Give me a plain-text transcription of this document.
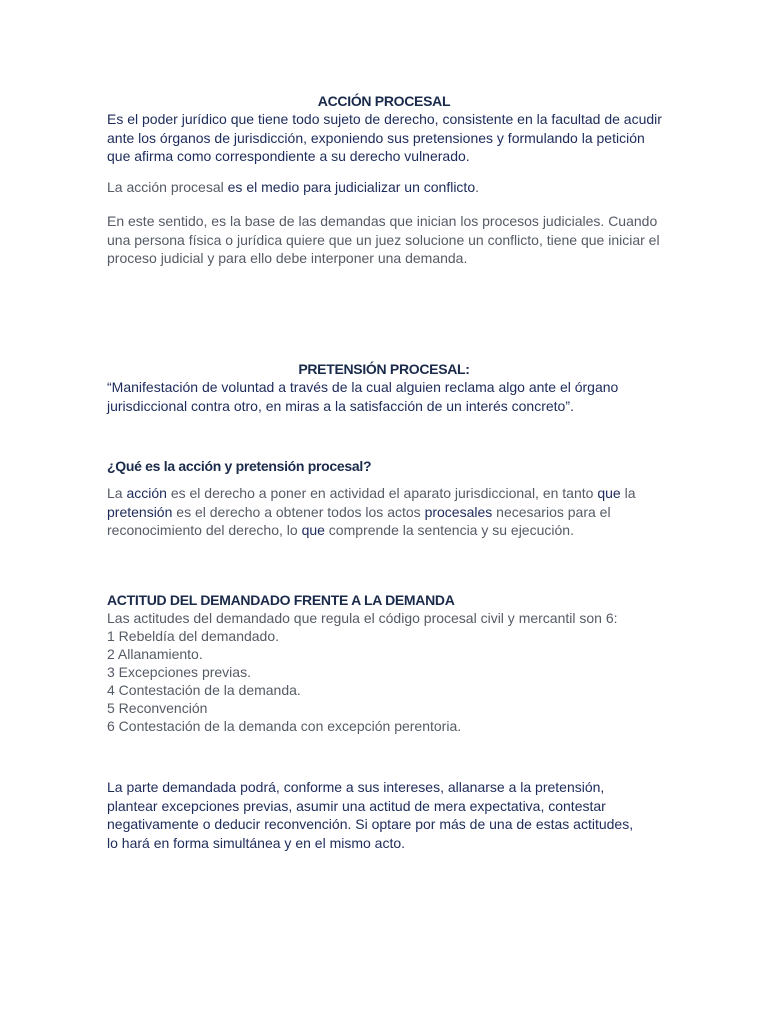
ACCIÓN PROCESAL

Es el poder jurídico que tiene todo sujeto de derecho, consistente en la facultad de acudir ante los órganos de jurisdicción, exponiendo sus pretensiones y formulando la petición que afirma como correspondiente a su derecho vulnerado.

La acción procesal es el medio para judicializar un conflicto.

En este sentido, es la base de las demandas que inician los procesos judiciales. Cuando una persona física o jurídica quiere que un juez solucione un conflicto, tiene que iniciar el proceso judicial y para ello debe interponer una demanda.

PRETENSIÓN PROCESAL:

“Manifestación de voluntad a través de la cual alguien reclama algo ante el órgano jurisdiccional contra otro, en miras a la satisfacción de un interés concreto”.

¿Qué es la acción y pretensión procesal?

La acción es el derecho a poner en actividad el aparato jurisdiccional, en tanto que la pretensión es el derecho a obtener todos los actos procesales necesarios para el reconocimiento del derecho, lo que comprende la sentencia y su ejecución.

ACTITUD DEL DEMANDADO FRENTE A LA DEMANDA
Las actitudes del demandado que regula el código procesal civil y mercantil son 6:
1 Rebeldía del demandado.
2 Allanamiento.
3 Excepciones previas.
4 Contestación de la demanda.
5 Reconvención
6 Contestación de la demanda con excepción perentoria.

La parte demandada podrá, conforme a sus intereses, allanarse a la pretensión, plantear excepciones previas, asumir una actitud de mera expectativa, contestar negativamente o deducir reconvención. Si optare por más de una de estas actitudes, lo hará en forma simultánea y en el mismo acto.
